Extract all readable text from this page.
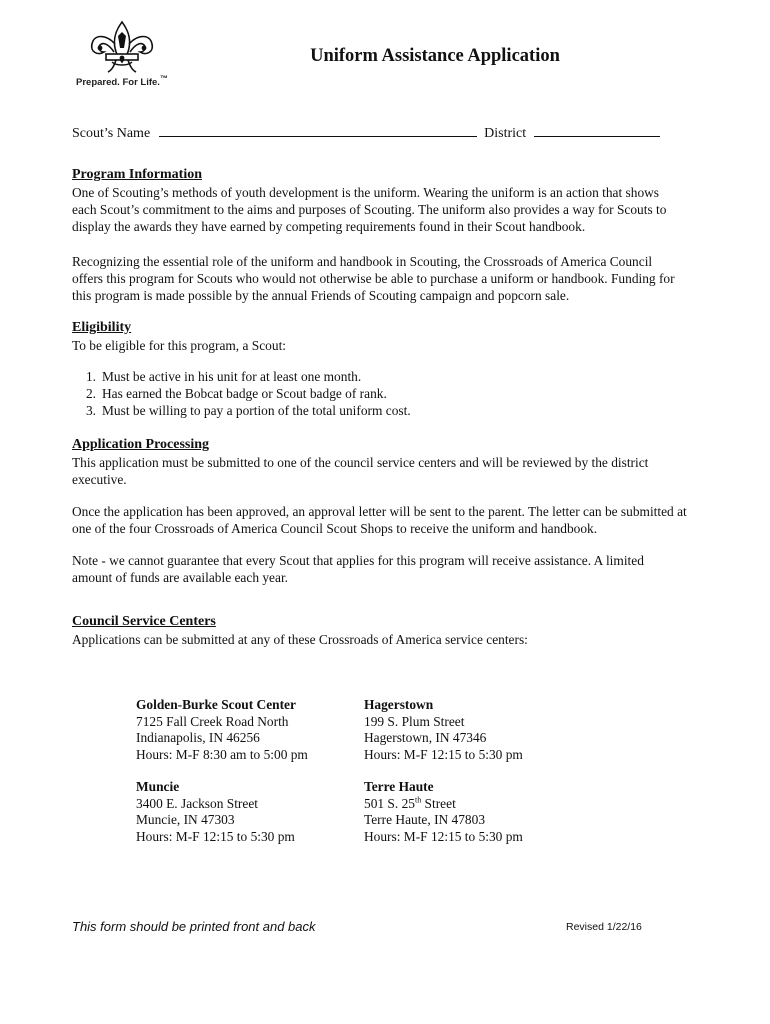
Prepared. For Life.™
Uniform Assistance Application
Scout’s Name	District
Program Information
One of Scouting’s methods of youth development is the uniform. Wearing the uniform is an action that shows
each Scout’s commitment to the aims and purposes of Scouting. The uniform also provides a way for Scouts to
display the awards they have earned by competing requirements found in their Scout handbook.
Recognizing the essential role of the uniform and handbook in Scouting, the Crossroads of America Council
offers this program for Scouts who would not otherwise be able to purchase a uniform or handbook. Funding for
this program is made possible by the annual Friends of Scouting campaign and popcorn sale.
Eligibility
To be eligible for this program, a Scout:
1. Must be active in his unit for at least one month.
2. Has earned the Bobcat badge or Scout badge of rank.
3. Must be willing to pay a portion of the total uniform cost.
Application Processing
This application must be submitted to one of the council service centers and will be reviewed by the district
executive.
Once the application has been approved, an approval letter will be sent to the parent. The letter can be submitted at
one of the four Crossroads of America Council Scout Shops to receive the uniform and handbook.
Note - we cannot guarantee that every Scout that applies for this program will receive assistance. A limited
amount of funds are available each year.
Council Service Centers
Applications can be submitted at any of these Crossroads of America service centers:
Golden-Burke Scout Center
7125 Fall Creek Road North
Indianapolis, IN 46256
Hours: M-F 8:30 am to 5:00 pm
Hagerstown
199 S. Plum Street
Hagerstown, IN 47346
Hours: M-F 12:15 to 5:30 pm
Muncie
3400 E. Jackson Street
Muncie, IN 47303
Hours: M-F 12:15 to 5:30 pm
Terre Haute
501 S. 25th Street
Terre Haute, IN 47803
Hours: M-F 12:15 to 5:30 pm
This form should be printed front and back	Revised 1/22/16
